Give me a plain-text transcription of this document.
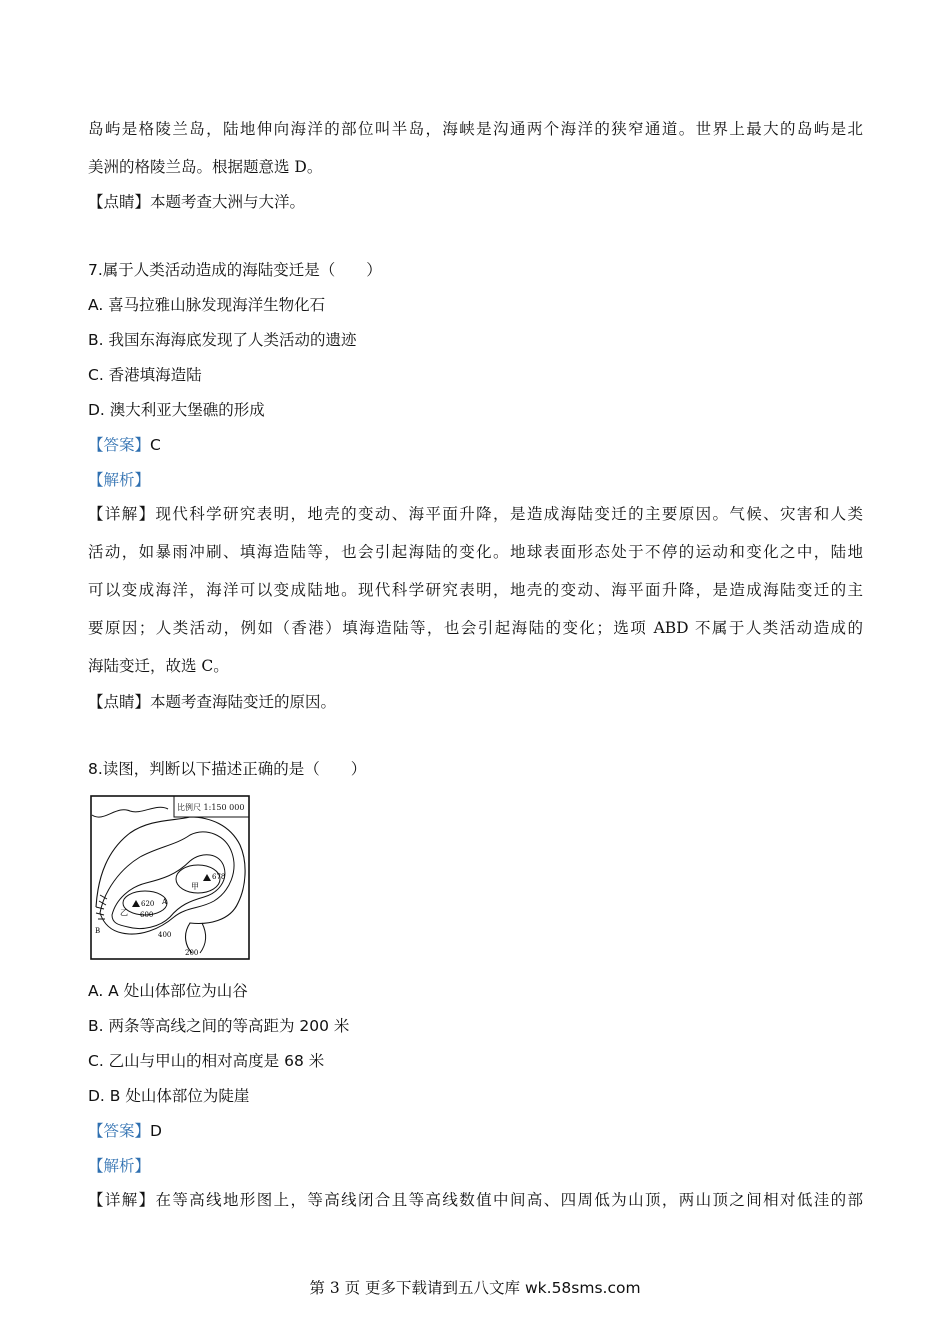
岛屿是格陵兰岛，陆地伸向海洋的部位叫半岛，海峡是沟通两个海洋的狭窄通道。世界上最大的岛屿是北
美洲的格陵兰岛。根据题意选 D。
【点睛】本题考查大洲与大洋。
7.属于人类活动造成的海陆变迁是（　　）
A. 喜马拉雅山脉发现海洋生物化石
B. 我国东海海底发现了人类活动的遗迹
C. 香港填海造陆
D. 澳大利亚大堡礁的形成
【答案】C
【解析】
【详解】现代科学研究表明，地壳的变动、海平面升降，是造成海陆变迁的主要原因。气候、灾害和人类
活动，如暴雨冲刷、填海造陆等，也会引起海陆的变化。地球表面形态处于不停的运动和变化之中，陆地
可以变成海洋，海洋可以变成陆地。现代科学研究表明，地壳的变动、海平面升降，是造成海陆变迁的主
要原因；人类活动，例如（香港）填海造陆等，也会引起海陆的变化；选项 ABD 不属于人类活动造成的
海陆变迁，故选 C。
【点睛】本题考查海陆变迁的原因。
8.读图，判断以下描述正确的是（　　）
比例尺 1:150 000
甲
678
乙
620 A
B
600
400
200
A. A 处山体部位为山谷
B. 两条等高线之间的等高距为 200 米
C. 乙山与甲山的相对高度是 68 米
D. B 处山体部位为陡崖
【答案】D
【解析】
【详解】在等高线地形图上，等高线闭合且等高线数值中间高、四周低为山顶，两山顶之间相对低洼的部
第 3 页 更多下载请到五八文库 wk.58sms.com
